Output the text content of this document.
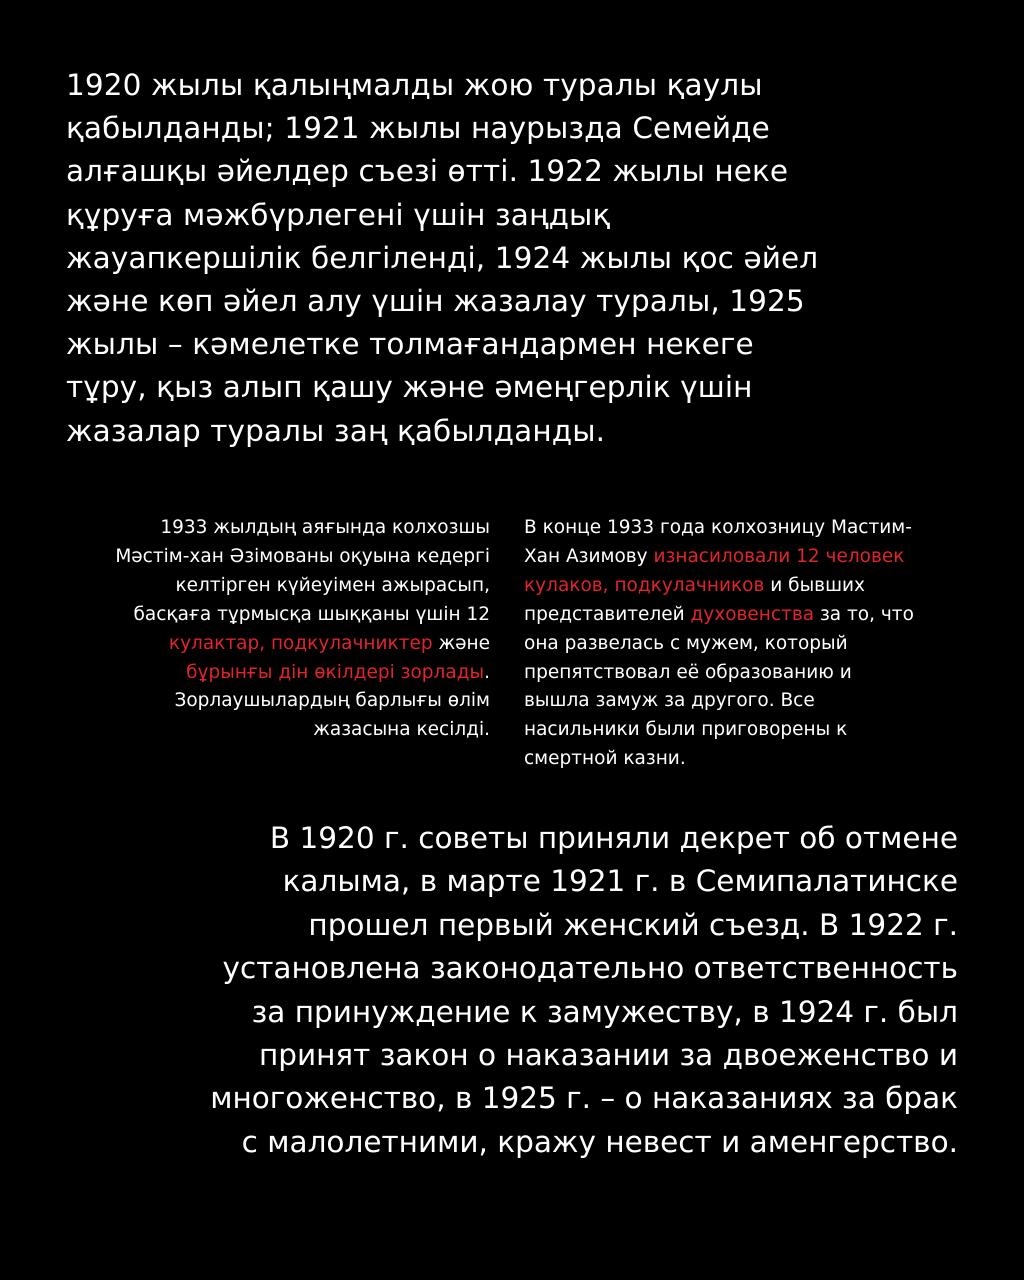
1920 жылы қалыңмалды жою туралы қаулы
қабылданды; 1921 жылы наурызда Семейде
алғашқы әйелдер съезі өтті. 1922 жылы неке
құруға мәжбүрлегені үшін заңдық
жауапкершілік белгіленді, 1924 жылы қос әйел
және көп әйел алу үшін жазалау туралы, 1925
жылы – кәмелетке толмағандармен некеге
тұру, қыз алып қашу және әмеңгерлік үшін
жазалар туралы заң қабылданды.

1933 жылдың аяғында колхозшы
Мәстім-хан Әзімованы оқуына кедергі
келтірген күйеуімен ажырасып,
басқаға тұрмысқа шыққаны үшін 12
кулактар, подкулачниктер және
бұрынғы дін өкілдері зорлады.
Зорлаушылардың барлығы өлім
жазасына кесілді.

В конце 1933 года колхозницу Мастим-
Хан Азимову изнасиловали 12 человек
кулаков, подкулачников и бывших
представителей духовенства за то, что
она развелась с мужем, который
препятствовал её образованию и
вышла замуж за другого. Все
насильники были приговорены к
смертной казни.

В 1920 г. советы приняли декрет об отмене
калыма, в марте 1921 г. в Семипалатинске
прошел первый женский съезд. В 1922 г.
установлена законодательно ответственность
за принуждение к замужеству, в 1924 г. был
принят закон о наказании за двоеженство и
многоженство, в 1925 г. – о наказаниях за брак
с малолетними, кражу невест и аменгерство.
